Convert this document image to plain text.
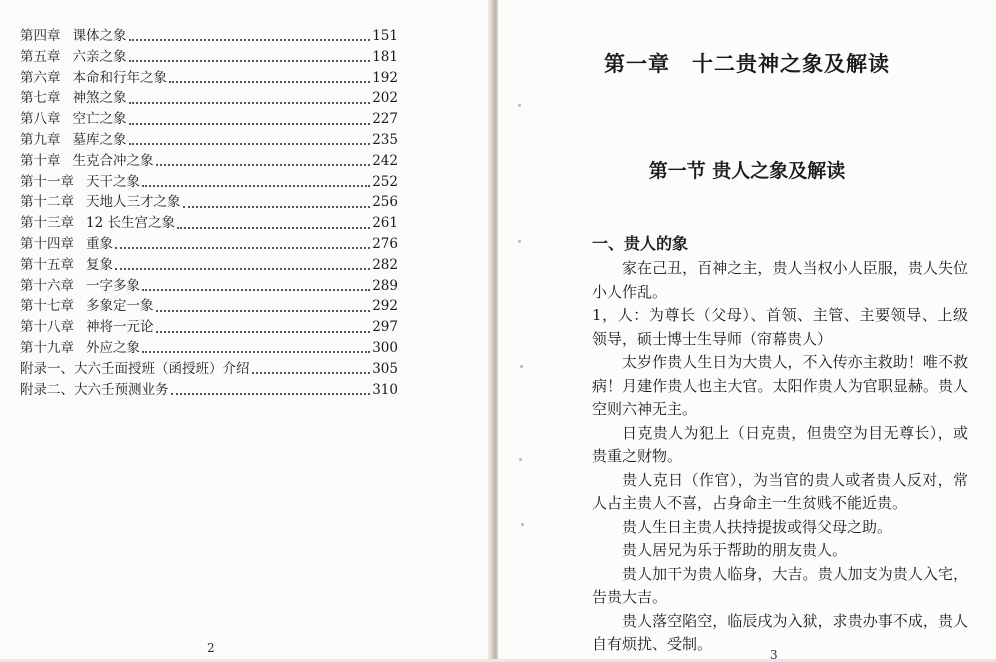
第四章 课体之象	151
第五章 六亲之象	181
第六章 本命和行年之象	192
第七章 神煞之象	202
第八章 空亡之象	227
第九章 墓库之象	235
第十章 生克合冲之象	242
第十一章 天干之象	252
第十二章 天地人三才之象	256
第十三章 12 长生宫之象	261
第十四章 重象	276
第十五章 复象	282
第十六章 一字多象	289
第十七章 多象定一象	292
第十八章 神将一元论	297
第十九章 外应之象	300
附录一、 大六壬面授班（函授班）介绍	305
附录二、 大六壬预测业务	310
2
第一章　十二贵神之象及解读
第一节 贵人之象及解读
一、贵人的象

家在己丑，百神之主，贵人当权小人臣服，贵人失位小人作乱。

1，人：为尊长（父母）、首领、主管、主要领导、上级领导，硕士博士生导师（帘幕贵人）

太岁作贵人生日为大贵人，不入传亦主救助！唯不救病！月建作贵人也主大官。太阳作贵人为官职显赫。贵人空则六神无主。

日克贵人为犯上（日克贵，但贵空为目无尊长），或贵重之财物。

贵人克日（作官），为当官的贵人或者贵人反对，常人占主贵人不喜，占身命主一生贫贱不能近贵。

贵人生日主贵人扶持提拔或得父母之助。

贵人居兄为乐于帮助的朋友贵人。

贵人加干为贵人临身，大吉。贵人加支为贵人入宅，告贵大吉。

贵人落空陷空，临辰戌为入狱，求贵办事不成，贵人自有烦扰、受制。

3
